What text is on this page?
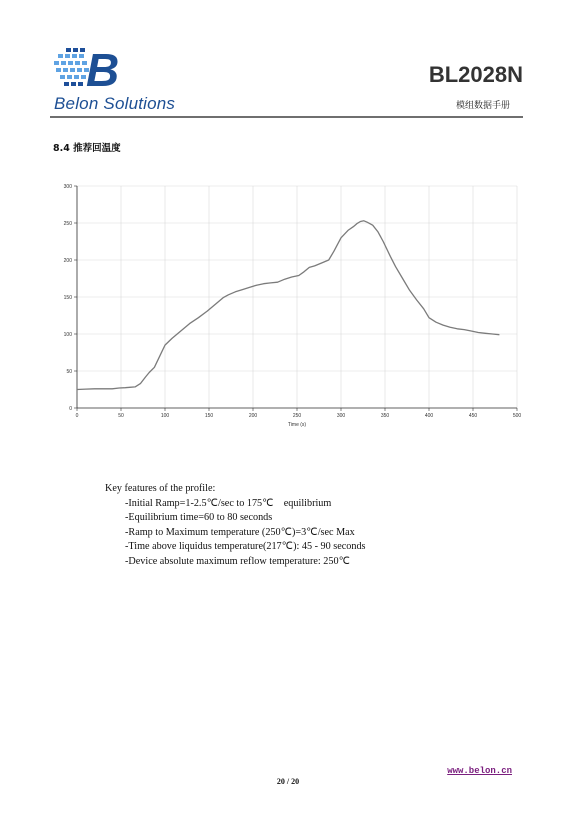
B
Belon Solutions
BL2028N
模组数据手册
8.4 推荐回温度
0	50	100	150	200	250	300	350	400	450	500
0
50
100
150
200
250
300
Time (s)
Key features of the profile:
-Initial Ramp=1-2.5℃/sec to 175℃　equilibrium
-Equilibrium time=60 to 80 seconds
-Ramp to Maximum temperature (250℃)=3℃/sec Max
-Time above liquidus temperature(217℃): 45 - 90 seconds
-Device absolute maximum reflow temperature: 250℃
www.belon.cn
20 / 20
